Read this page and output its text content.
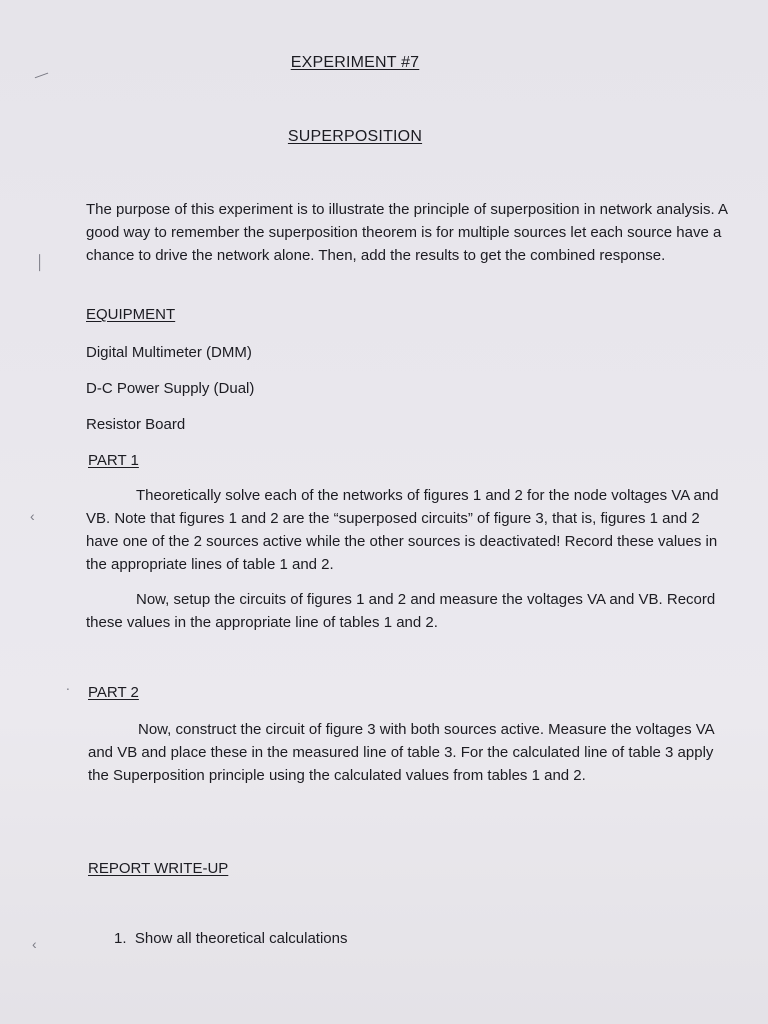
—
│
‹
∙
‹
EXPERIMENT #7
SUPERPOSITION
The purpose of this experiment is to illustrate the principle of superposition in network analysis. A good way to remember the superposition theorem is for multiple sources let each source have a chance to drive the network alone. Then, add the results to get the combined response.
EQUIPMENT
Digital Multimeter (DMM)
D-C Power Supply (Dual)
Resistor Board
PART 1
Theoretically solve each of the networks of figures 1 and 2 for the node voltages VA and VB. Note that figures 1 and 2 are the “superposed circuits” of figure 3, that is, figures 1 and 2 have one of the 2 sources active while the other sources is deactivated! Record these values in the appropriate lines of table 1 and 2.
Now, setup the circuits of figures 1 and 2 and measure the voltages VA and VB. Record these values in the appropriate line of tables 1 and 2.
PART 2
Now, construct the circuit of figure 3 with both sources active. Measure the voltages VA and VB and place these in the measured line of table 3. For the calculated line of table 3 apply the Superposition principle using the calculated values from tables 1 and 2.
REPORT WRITE-UP
1. Show all theoretical calculations
